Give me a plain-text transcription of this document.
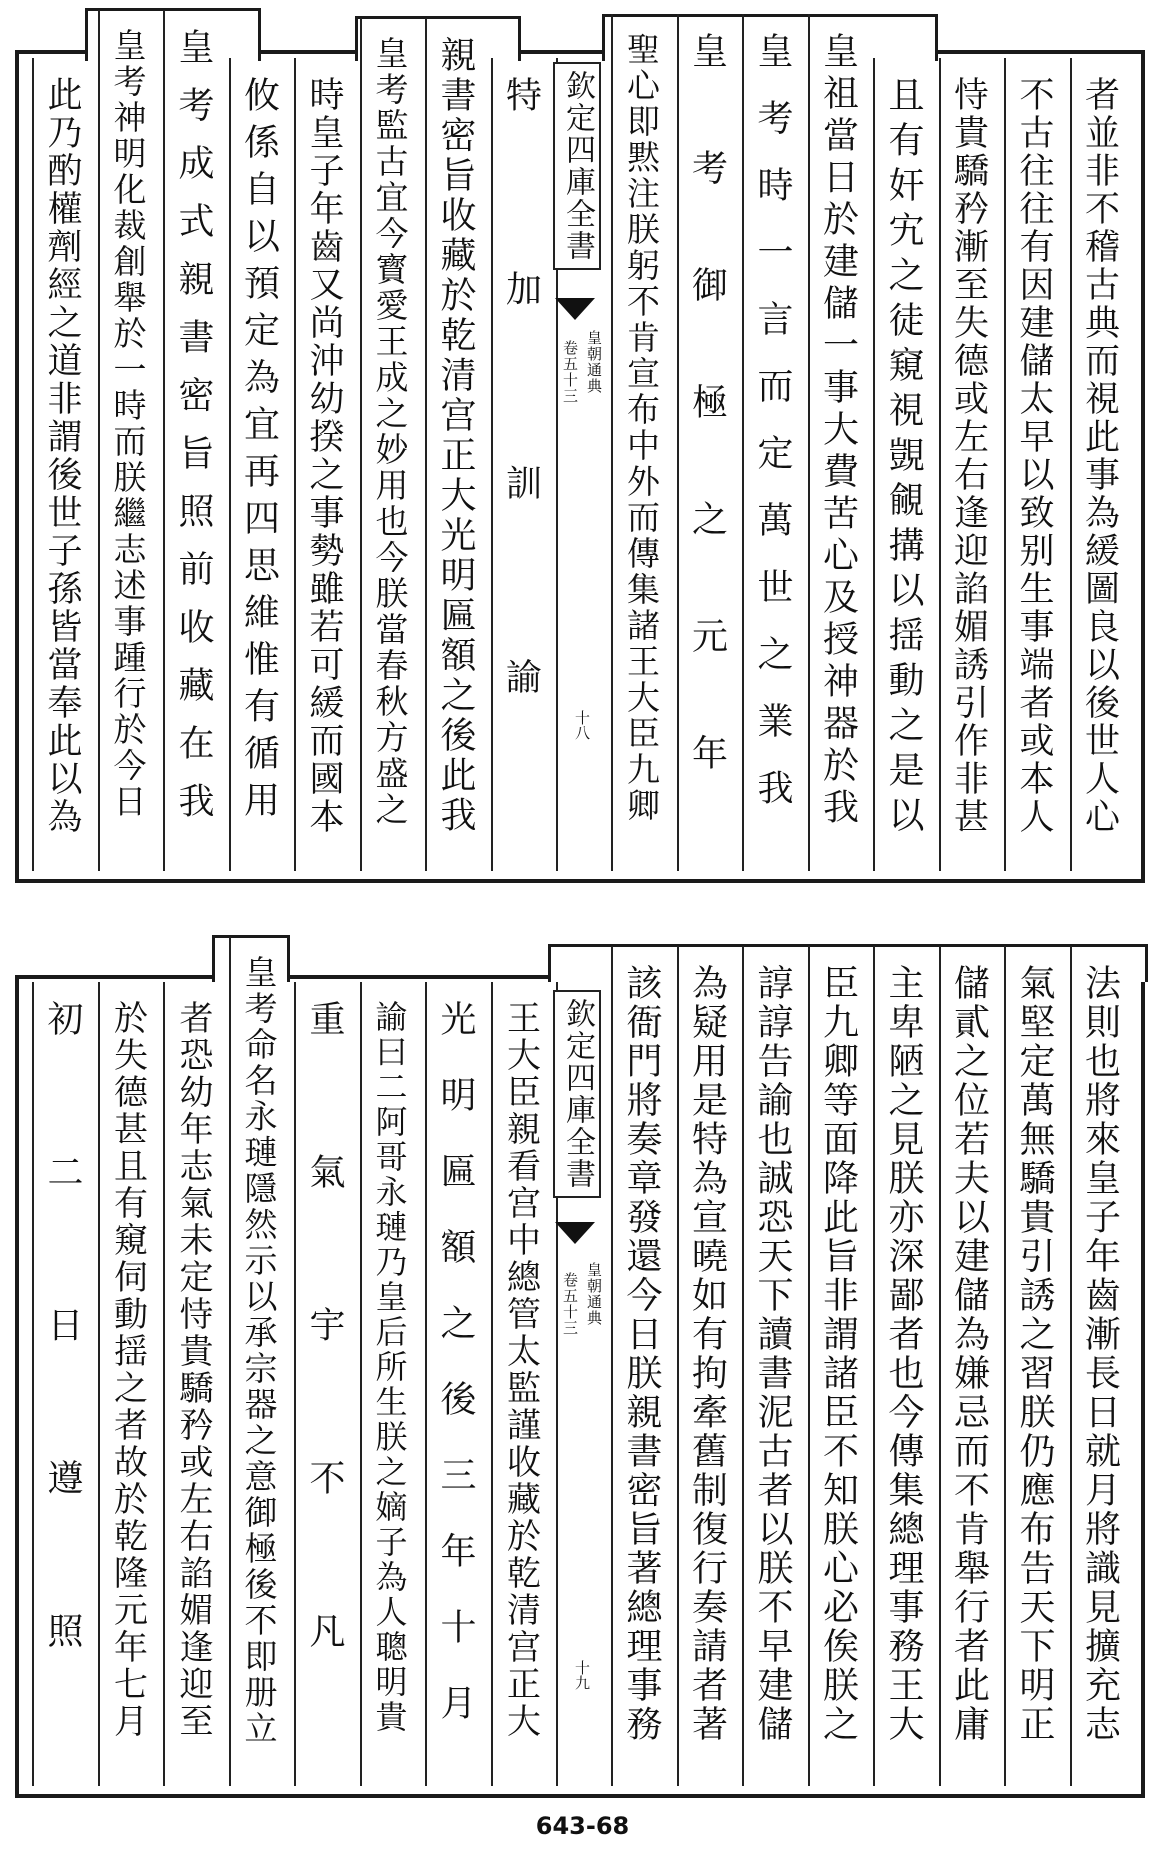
欽定四庫全書
皇朝通典
卷五十三
十八	者並非不稽古典而視此事為緩圖良以後世人心
不古往往有因建儲太早以致别生事端者或本人
恃貴驕矜漸至失德或左右逢迎諂媚誘引作非甚
且有奸宄之徒窺視覬覦搆以揺動之是以
皇祖當日於建儲一事大費苦心及授神器於我
皇考時一言而定萬世之業我
皇考御極之元年
聖心即黙注朕躬不肯宣布中外而傳集諸王大臣九卿
特加訓諭
親書密旨收藏於乾清宫正大光明匾額之後此我
皇考監古宜今寳愛王成之妙用也今朕當春秋方盛之
時皇子年齒又尚沖幼揆之事勢雖若可緩而國本
攸係自以預定為宜再四思維惟有循用
皇考成式親書密旨照前收藏在我
皇考神明化裁創舉於一時而朕繼志述事踵行於今日
此乃酌權劑經之道非謂後世子孫皆當奉此以為
欽定四庫全書
皇朝通典
卷五十三
十九	法則也將來皇子年齒漸長日就月將識見擴充志
氣堅定萬無驕貴引誘之習朕仍應布告天下明正
儲貳之位若夫以建儲為嫌忌而不肯舉行者此庸
主卑陋之見朕亦深鄙者也今傳集總理事務王大
臣九卿等面降此旨非謂諸臣不知朕心必俟朕之
諄諄告諭也誠恐天下讀書泥古者以朕不早建儲
為疑用是特為宣曉如有拘牽舊制復行奏請者著
該衙門將奏章發還今日朕親書密旨著總理事務
王大臣親看宫中總管太監謹收藏於乾清宫正大
光明匾額之後三年十月
諭曰二阿哥永璉乃皇后所生朕之嫡子為人聰明貴
重氣宇不凡
皇考命名永璉隱然示以承宗器之意御極後不即册立
者恐幼年志氣未定恃貴驕矜或左右諂媚逢迎至
於失德甚且有窺伺動揺之者故於乾隆元年七月
初二日遵照
643-68
